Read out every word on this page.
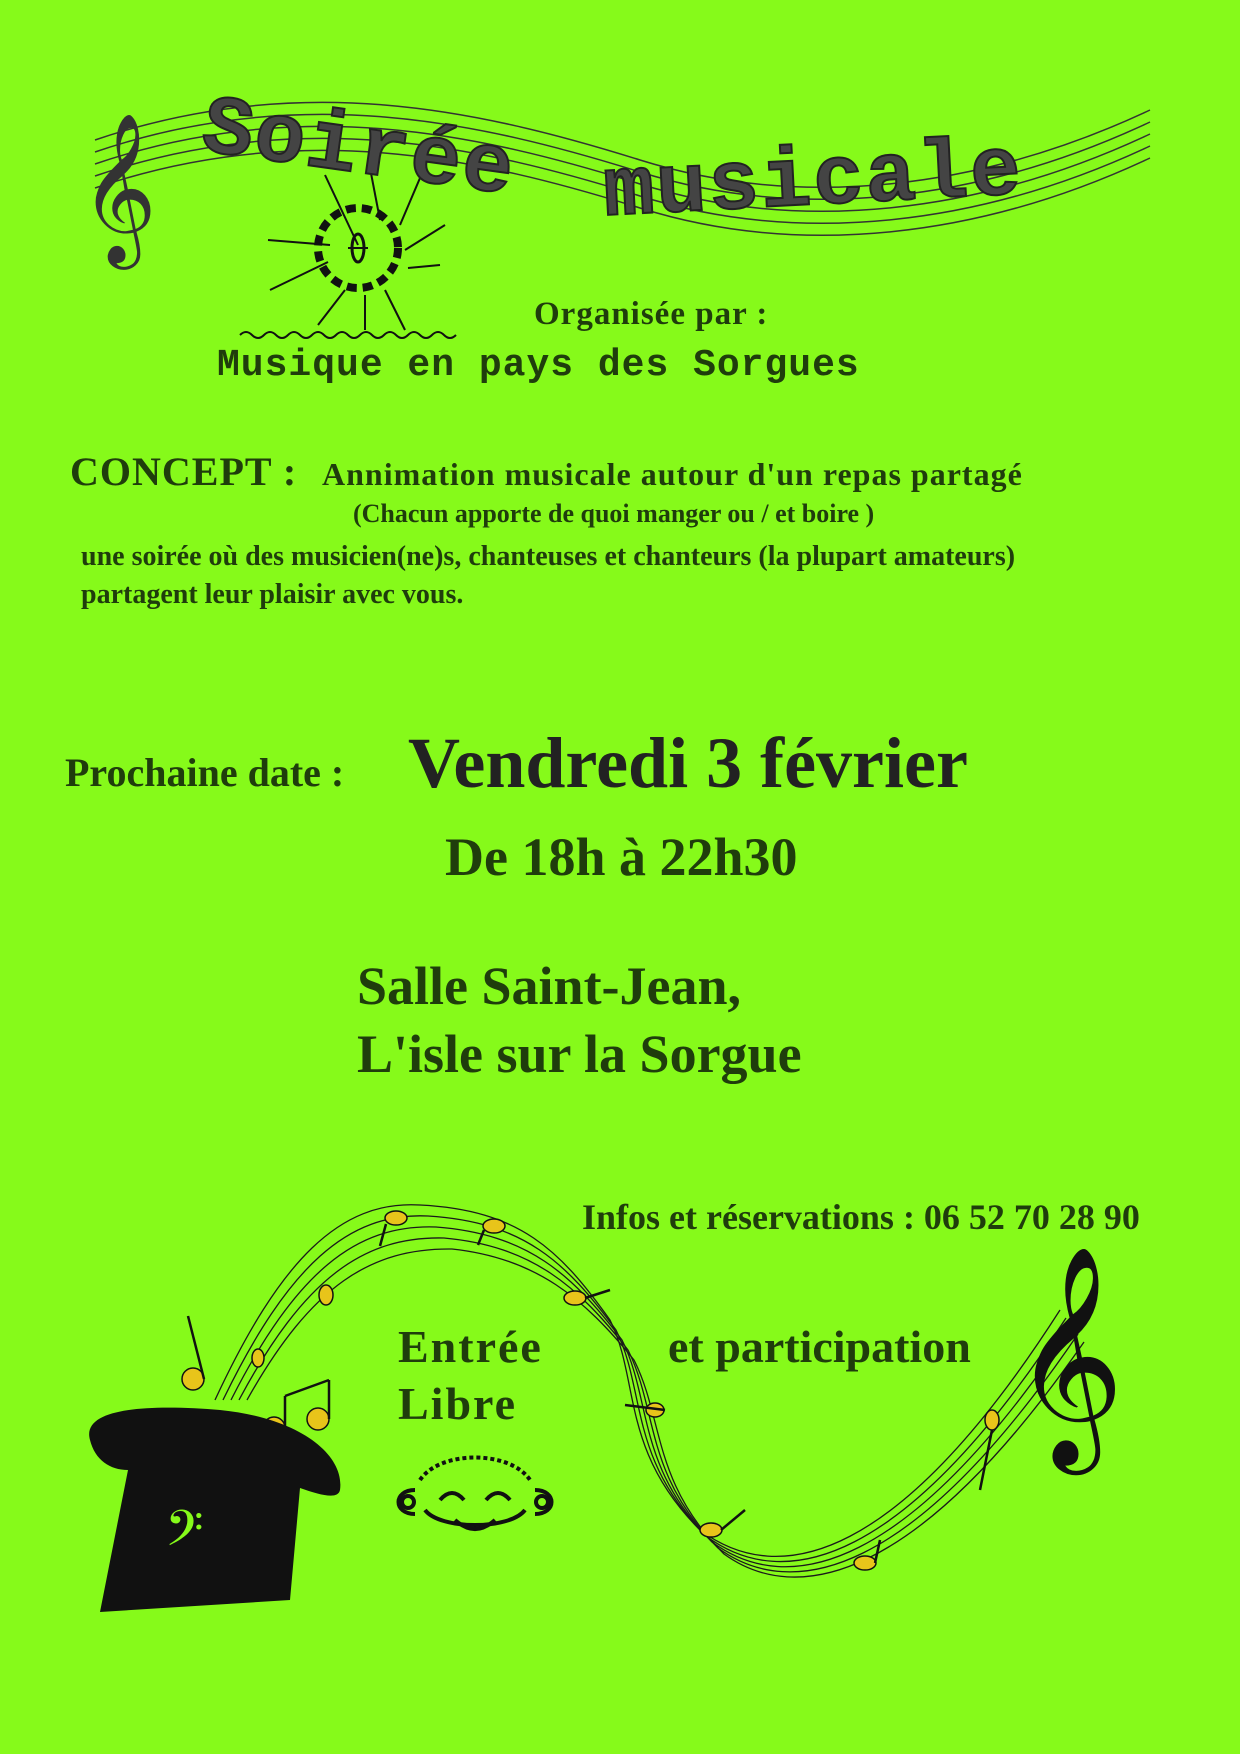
𝄞
𝄞
𝄢
Soirée musicale
Organisée par :
Musique en pays des Sorgues
CONCEPT : Annimation musicale autour d'un repas partagé
(Chacun apporte de quoi manger ou / et boire )
une soirée où des musicien(ne)s, chanteuses et chanteurs (la plupart amateurs)
partagent leur plaisir avec vous.
Prochaine date : Vendredi 3 février
De 18h à 22h30
Salle Saint-Jean,
L'isle sur la Sorgue
Infos et réservations : 06 52 70 28 90
Entrée
Libre
et participation
